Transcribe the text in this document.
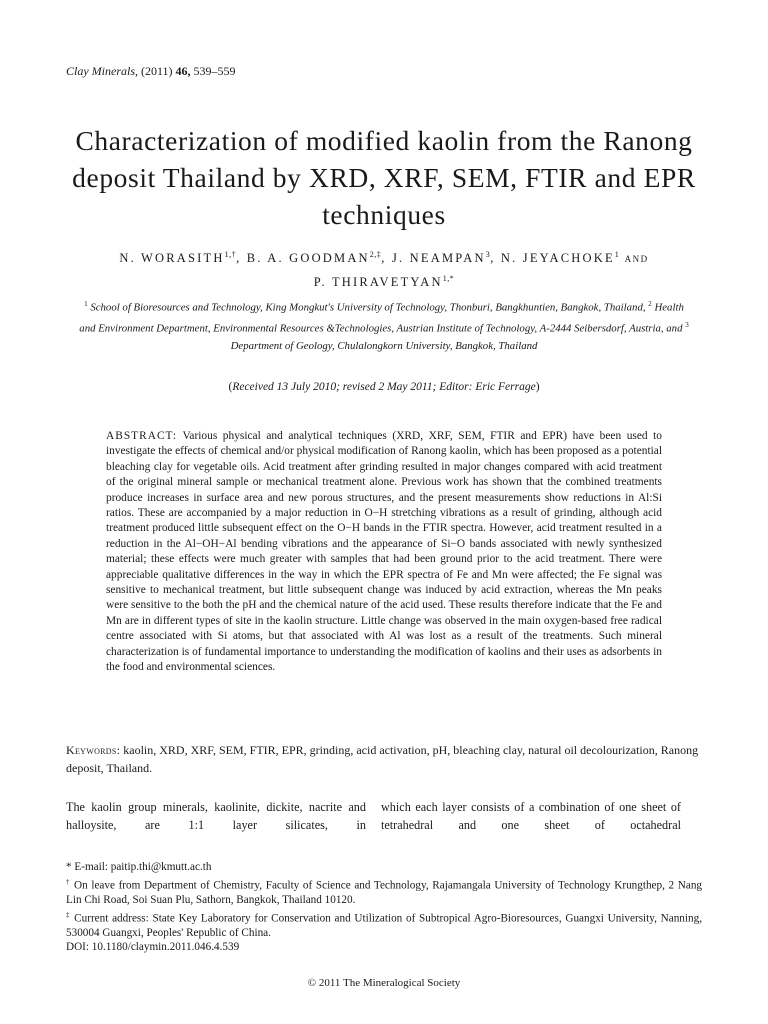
Clay Minerals, (2011) 46, 539–559
Characterization of modified kaolin from the Ranong deposit Thailand by XRD, XRF, SEM, FTIR and EPR techniques
N. $WORASITH^{1,\dagger}$, B. A. $GOODMAN^{2,\ddagger}$, J. NEAMPAN$^3$, N. JEYACHOKE$^1$ AND
P. $THIRAVETYAN^{1,*}$
$^1$ School of Bioresources and Technology, King Mongkut's University of Technology, Thonburi, Bangkhuntien, Bangkok, Thailand, $^2$ Health and Environment Department, Environmental Resources &Technologies, Austrian Institute of Technology, A-2444 Seibersdorf, Austria, and $^3$ Department of Geology, Chulalongkorn University, Bangkok, Thailand
(Received 13 July 2010; revised 2 May 2011; Editor: Eric Ferrage)
ABSTRACT: Various physical and analytical techniques (XRD, XRF, SEM, FTIR and EPR) have been used to investigate the effects of chemical and/or physical modification of Ranong kaolin, which has been proposed as a potential bleaching clay for vegetable oils. Acid treatment after grinding resulted in major changes compared with acid treatment of the original mineral sample or mechanical treatment alone. Previous work has shown that the combined treatments produce increases in surface area and new porous structures, and the present measurements show reductions in Al:Si ratios. These are accompanied by a major reduction in O−H stretching vibrations as a result of grinding, although acid treatment produced little subsequent effect on the O−H bands in the FTIR spectra. However, acid treatment resulted in a reduction in the Al−OH−Al bending vibrations and the appearance of Si−O bands associated with newly synthesized material; these effects were much greater with samples that had been ground prior to the acid treatment. There were appreciable qualitative differences in the way in which the EPR spectra of Fe and Mn were affected; the Fe signal was sensitive to mechanical treatment, but little subsequent change was induced by acid extraction, whereas the Mn peaks were sensitive to the both the pH and the chemical nature of the acid used. These results therefore indicate that the Fe and Mn are in different types of site in the kaolin structure. Little change was observed in the main oxygen-based free radical centre associated with Si atoms, but that associated with Al was lost as a result of the treatments. Such mineral characterization is of fundamental importance to understanding the modification of kaolins and their uses as adsorbents in the food and environmental sciences.
Keywords: kaolin, XRD, XRF, SEM, FTIR, EPR, grinding, acid activation, pH, bleaching clay, natural oil decolourization, Ranong deposit, Thailand.
The kaolin group minerals, kaolinite, dickite, nacrite and halloysite, are 1:1 layer silicates, in
which each layer consists of a combination of one sheet of tetrahedral and one sheet of octahedral

* E-mail: paitip.thi@kmutt.ac.th

† On leave from Department of Chemistry, Faculty of Science and Technology, Rajamangala University of Technology Krungthep, 2 Nang Lin Chi Road, Soi Suan Plu, Sathorn, Bangkok, Thailand 10120.

‡ Current address: State Key Laboratory for Conservation and Utilization of Subtropical Agro-Bioresources, Guangxi University, Nanning, 530004 Guangxi, Peoples' Republic of China.

DOI: 10.1180/claymin.2011.046.4.539

© 2011 The Mineralogical Society
